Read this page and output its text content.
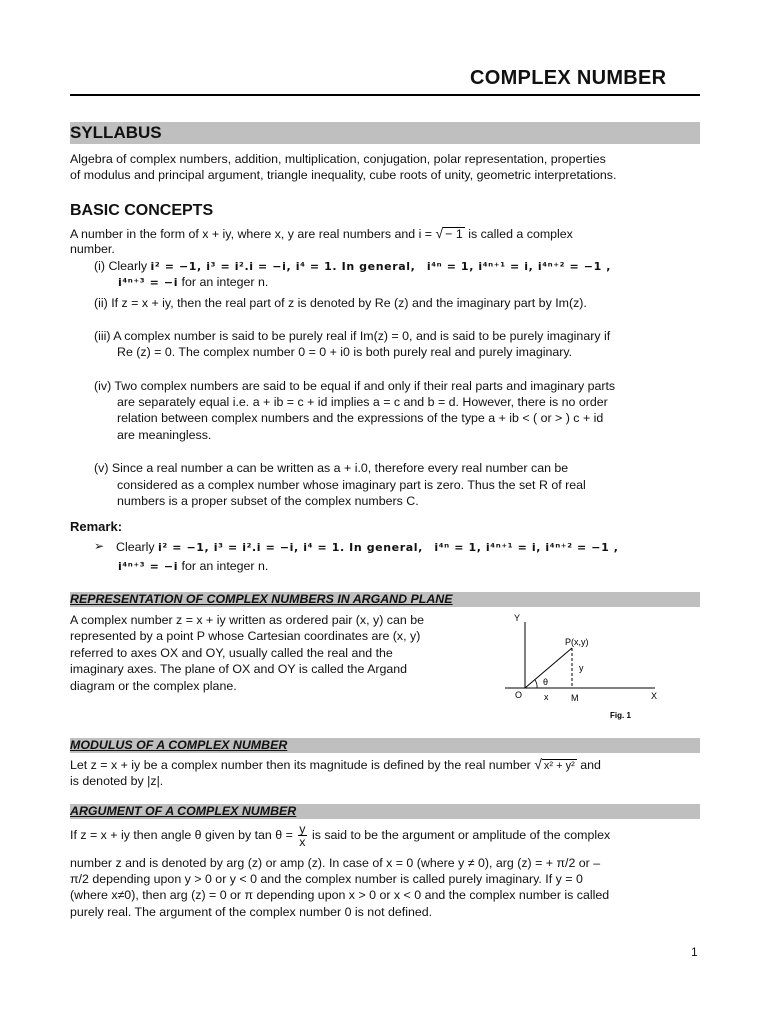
COMPLEX NUMBER
SYLLABUS
Algebra of complex numbers, addition, multiplication, conjugation, polar representation, properties
of modulus and principal argument, triangle inequality, cube roots of unity, geometric interpretations.
BASIC CONCEPTS
A number in the form of x + iy, where x, y are real numbers and i = √ − 1 is called a complex
number.
(i) Clearly i² = −1, i³ = i².i = −i, i⁴ = 1. In general, i⁴ⁿ = 1, i⁴ⁿ⁺¹ = i, i⁴ⁿ⁺² = −1 ,
i⁴ⁿ⁺³ = −i for an integer n.
(ii) If z = x + iy, then the real part of z is denoted by Re (z) and the imaginary part by Im(z).
(iii) A complex number is said to be purely real if Im(z) = 0, and is said to be purely imaginary if
Re (z) = 0. The complex number 0 = 0 + i0 is both purely real and purely imaginary.
(iv) Two complex numbers are said to be equal if and only if their real parts and imaginary parts
are separately equal i.e. a + ib = c + id implies a = c and b = d. However, there is no order
relation between complex numbers and the expressions of the type a + ib < ( or > ) c + id
are meaningless.
(v) Since a real number a can be written as a + i.0, therefore every real number can be
considered as a complex number whose imaginary part is zero. Thus the set R of real
numbers is a proper subset of the complex numbers C.
Remark:
➢ Clearly i² = −1, i³ = i².i = −i, i⁴ = 1. In general, i⁴ⁿ = 1, i⁴ⁿ⁺¹ = i, i⁴ⁿ⁺² = −1 ,
i⁴ⁿ⁺³ = −i for an integer n.
REPRESENTATION OF COMPLEX NUMBERS IN ARGAND PLANE
A complex number z = x + iy written as ordered pair (x, y) can be
represented by a point P whose Cartesian coordinates are (x, y)
referred to axes OX and OY, usually called the real and the
imaginary axes. The plane of OX and OY is called the Argand
diagram or the complex plane.
Y
X
O
P(x,y)
θ
x
y
M
Fig. 1
MODULUS OF A COMPLEX NUMBER
Let z = x + iy be a complex number then its magnitude is defined by the real number √ x² + y² and
is denoted by |z|.
ARGUMENT OF A COMPLEX NUMBER
If z = x + iy then angle θ given by $\tan \theta = \frac{y}{x}$ is said to be the argument or amplitude of the complex
number z and is denoted by arg (z) or amp (z). In case of x = 0 (where y ≠ 0), arg (z) = + π/2 or –
π/2 depending upon y > 0 or y < 0 and the complex number is called purely imaginary. If y = 0
(where x≠0), then arg (z) = 0 or π depending upon x > 0 or x < 0 and the complex number is called
purely real. The argument of the complex number 0 is not defined.
1
